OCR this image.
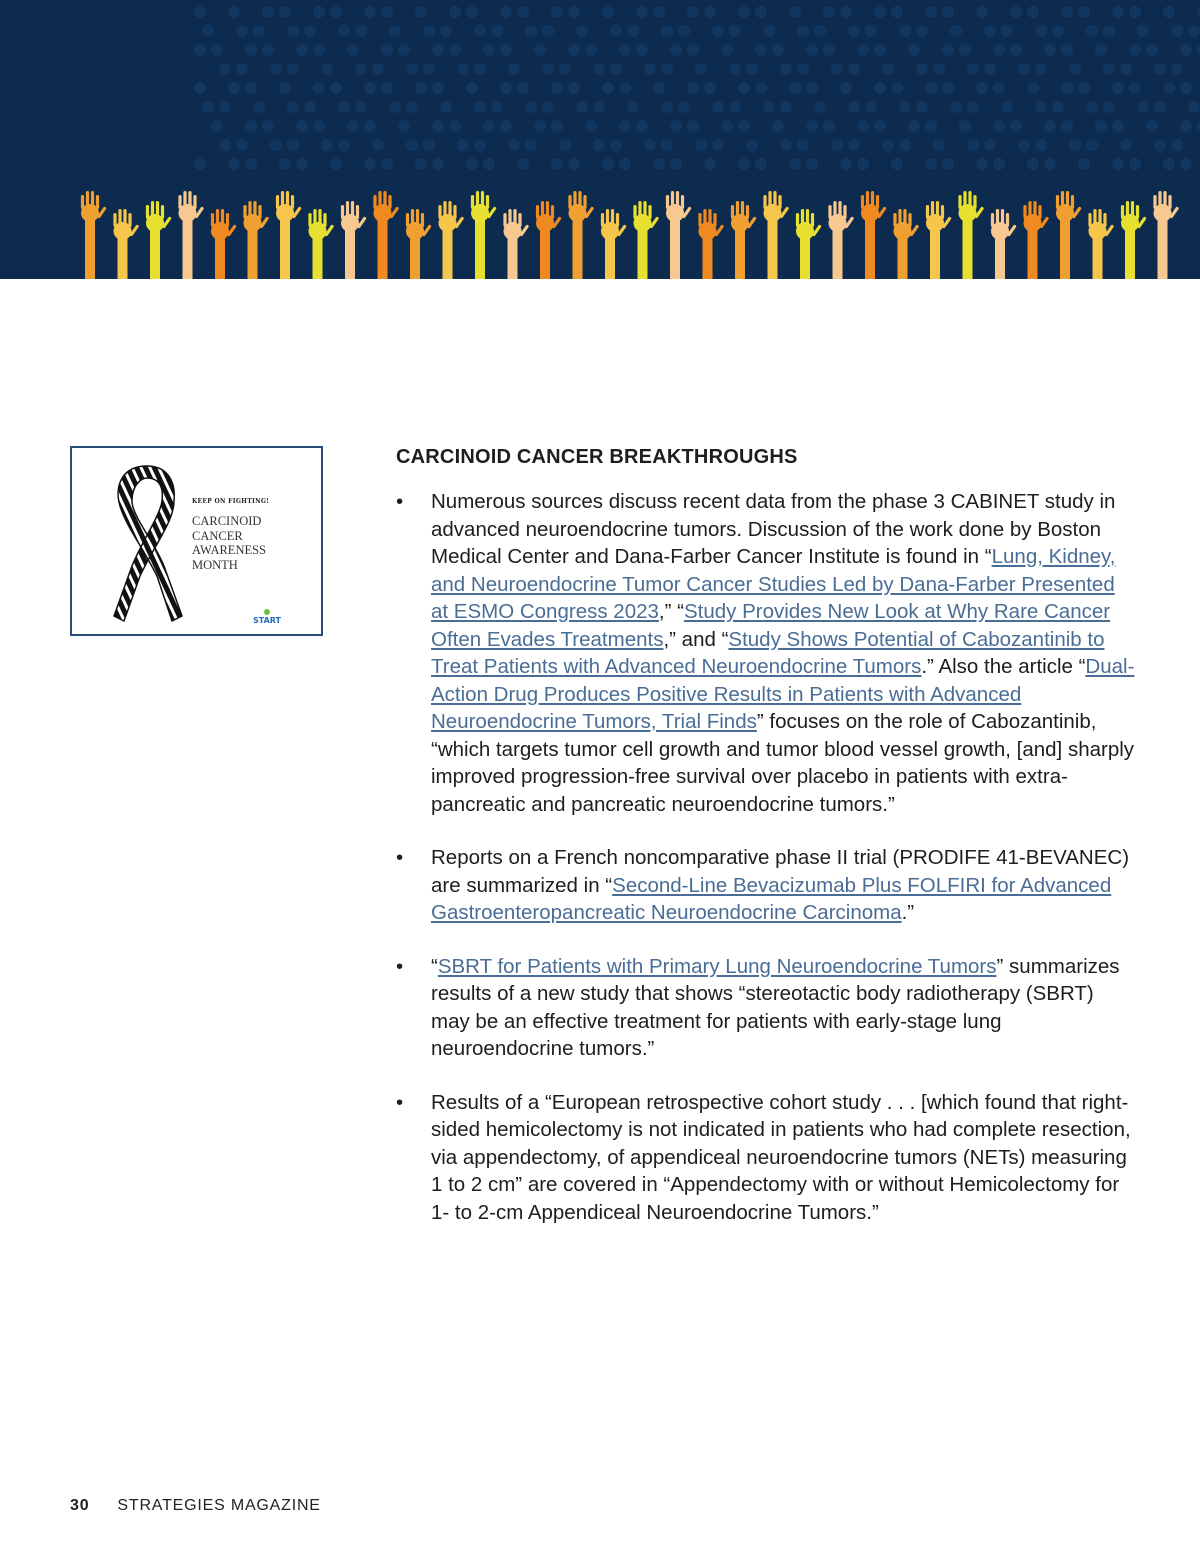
KEEP ON FIGHTING!
CARCINOID CANCER AWARENESS MONTH
START
CARCINOID CANCER BREAKTHROUGHS
• Numerous sources discuss recent data from the phase 3 CABINET study in advanced neuroendocrine tumors. Discussion of the work done by Boston Medical Center and Dana-Farber Cancer Institute is found in “Lung, Kidney, and Neuroendocrine Tumor Cancer Studies Led by Dana-Farber Presented at ESMO Congress 2023,” “Study Provides New Look at Why Rare Cancer Often Evades Treatments,” and “Study Shows Potential of Cabozantinib to Treat Patients with Advanced Neuroendocrine Tumors.” Also the article “Dual-Action Drug Produces Positive Results in Patients with Advanced Neuroendocrine Tumors, Trial Finds” focuses on the role of Cabozantinib, “which targets tumor cell growth and tumor blood vessel growth, [and] sharply improved progression-free survival over placebo in patients with extra-pancreatic and pancreatic neuroendocrine tumors.”
• Reports on a French noncomparative phase II trial (PRODIFE 41-BEVANEC) are summarized in “Second-Line Bevacizumab Plus FOLFIRI for Advanced Gastroenteropancreatic Neuroendocrine Carcinoma.”
• “SBRT for Patients with Primary Lung Neuroendocrine Tumors” summarizes results of a new study that shows “stereotactic body radiotherapy (SBRT) may be an effective treatment for patients with early-stage lung neuroendocrine tumors.”
• Results of a “European retrospective cohort study . . . [which found that right-sided hemicolectomy is not indicated in patients who had complete resection, via appendectomy, of appendiceal neuroendocrine tumors (NETs) measuring 1 to 2 cm” are covered in “Appendectomy with or without Hemicolectomy for 1- to 2-cm Appendiceal Neuroendocrine Tumors.”
30 STRATEGIES MAGAZINE
